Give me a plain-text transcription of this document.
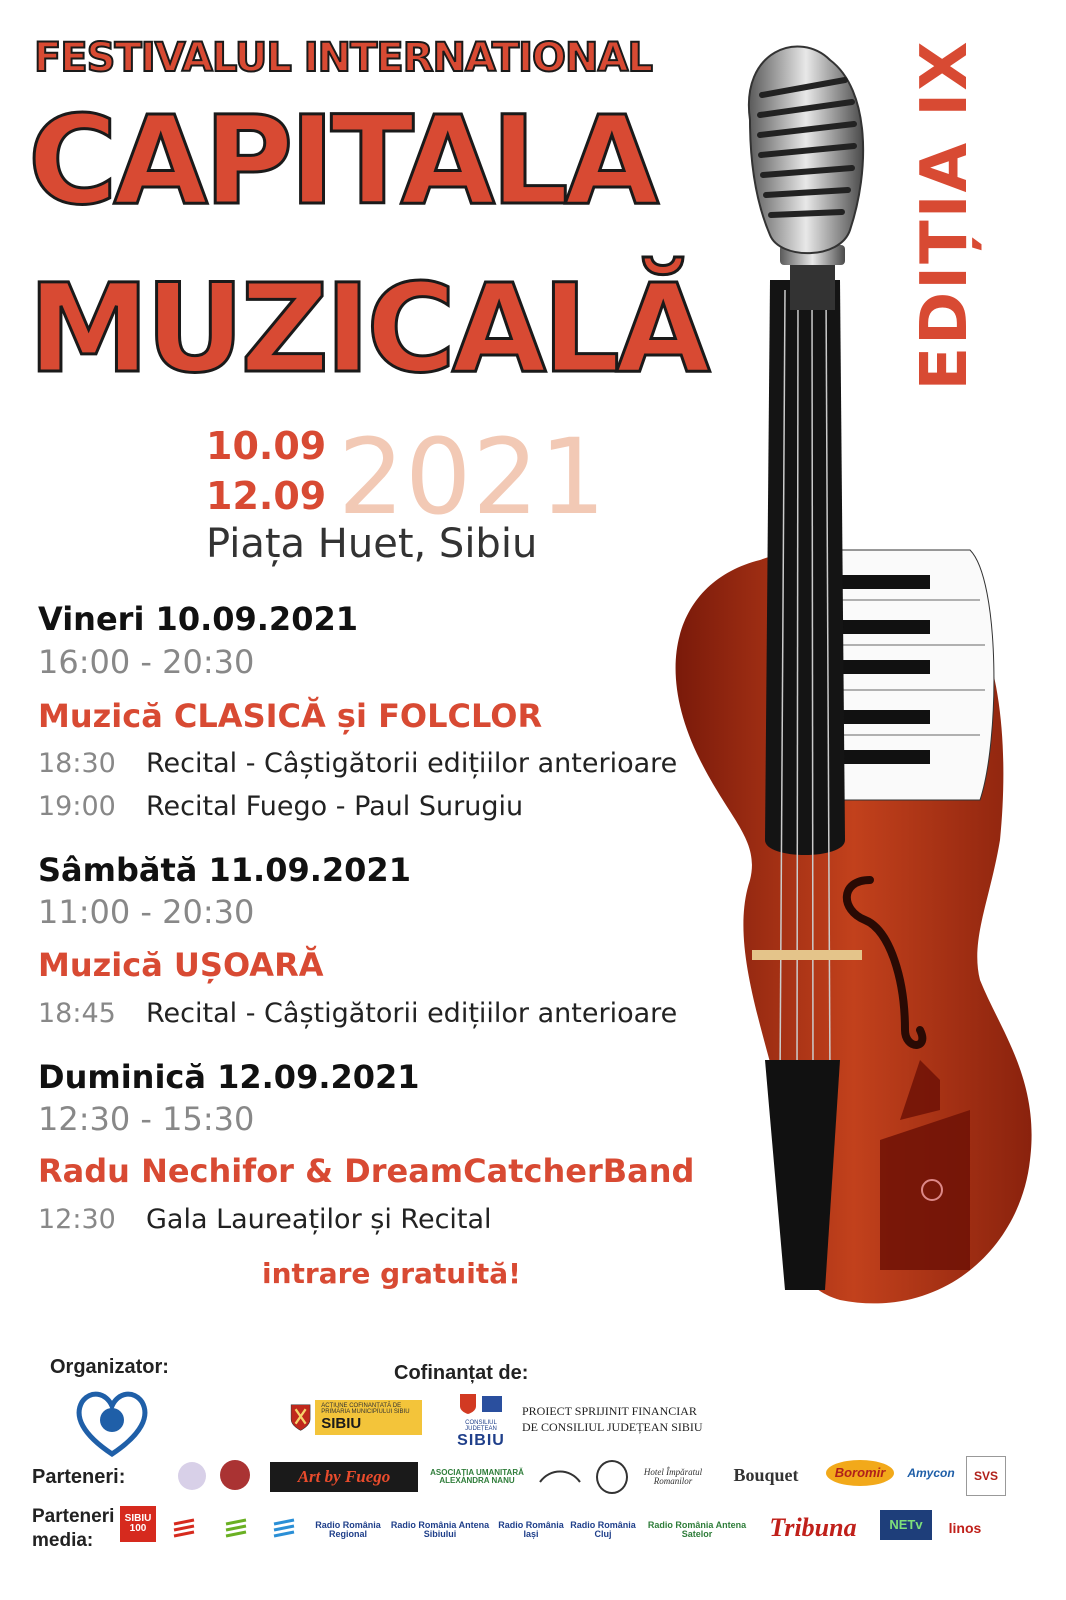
FESTIVALUL INTERNATIONAL
CAPITALA
MUZICALĂ	EDIȚIA IX
10.09
12.09 2021
Piața Huet, Sibiu
Vineri 10.09.2021
16:00 - 20:30
Muzică CLASICĂ și FOLCLOR
18:30 Recital - Câștigătorii edițiilor anterioare
19:00 Recital Fuego - Paul Surugiu
Sâmbătă 11.09.2021
11:00 - 20:30
Muzică UȘOARĂ
18:45 Recital - Câștigătorii edițiilor anterioare
Duminică 12.09.2021
12:30 - 15:30
Radu Nechifor & DreamCatcherBand
12:30 Gala Laureaților și Recital
intrare gratuită!
Organizator:	Cofinanțat de:
ACȚIUNE COFINANȚATĂ DE PRIMĂRIA MUNICIPIULUI SIBIU
SIBIU	CONSILIUL JUDEȚEAN
SIBIU
PROIECT SPRIJINIT FINANCIAR
DE CONSILIUL JUDEȚEAN SIBIU
Parteneri:
Parteneri
media:
Art by Fuego	ASOCIAȚIA UMANITARĂ ALEXANDRA NANU
Hotel Împăratul Romanilor	Bouquet	Boromir	Amycon	SVS
SIBIU 100	Radio România Regional
Radio România Antena Sibiului
Radio România Iași
Radio România Cluj
Radio România Antena Satelor	Tribuna	NETv	linos
